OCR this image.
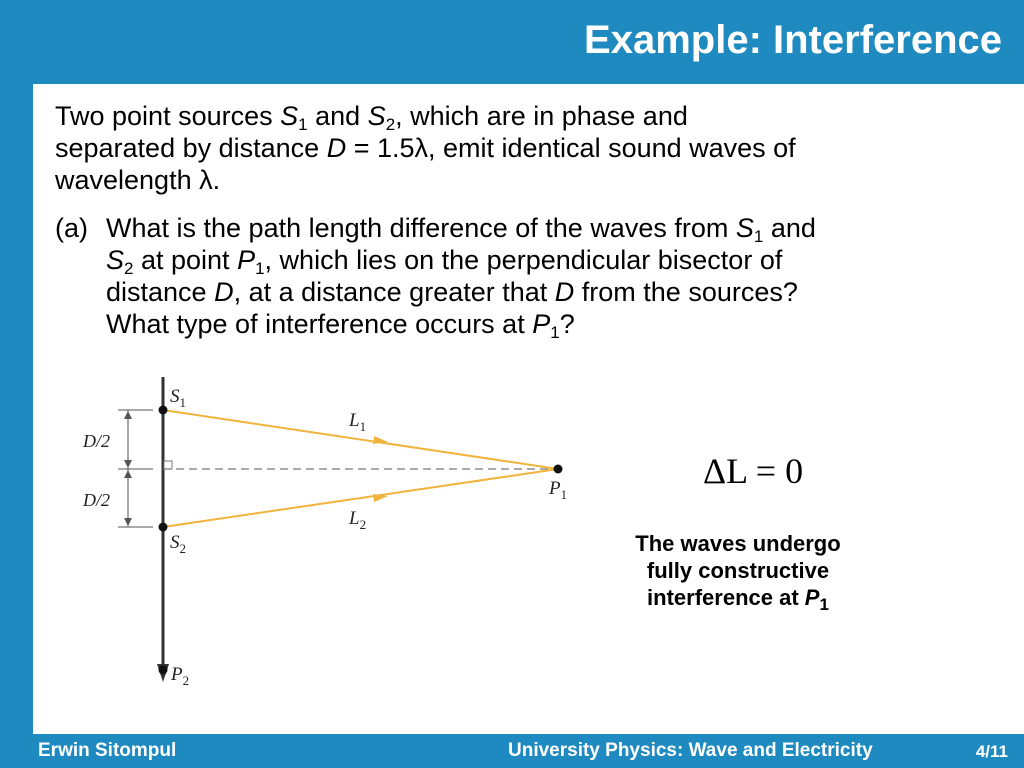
Example: Interference
Two point sources $S_1$ and $S_2$, which are in phase and
separated by distance D = 1.5λ, emit identical sound waves of
wavelength λ.
(a) What is the path length difference of the waves from $S_1$ and
$S_2$ at point $P_1$, which lies on the perpendicular bisector of
distance D, at a distance greater that D from the sources?
What type of interference occurs at $P_1$?
$S_1$
$S_2$
$P_1$
$P_2$
$L_1$
$L_2$
D/2
D/2
ΔL = 0
The waves undergo
fully constructive
interference at $P_1$
Erwin Sitompul	University Physics: Wave and Electricity	4/11
